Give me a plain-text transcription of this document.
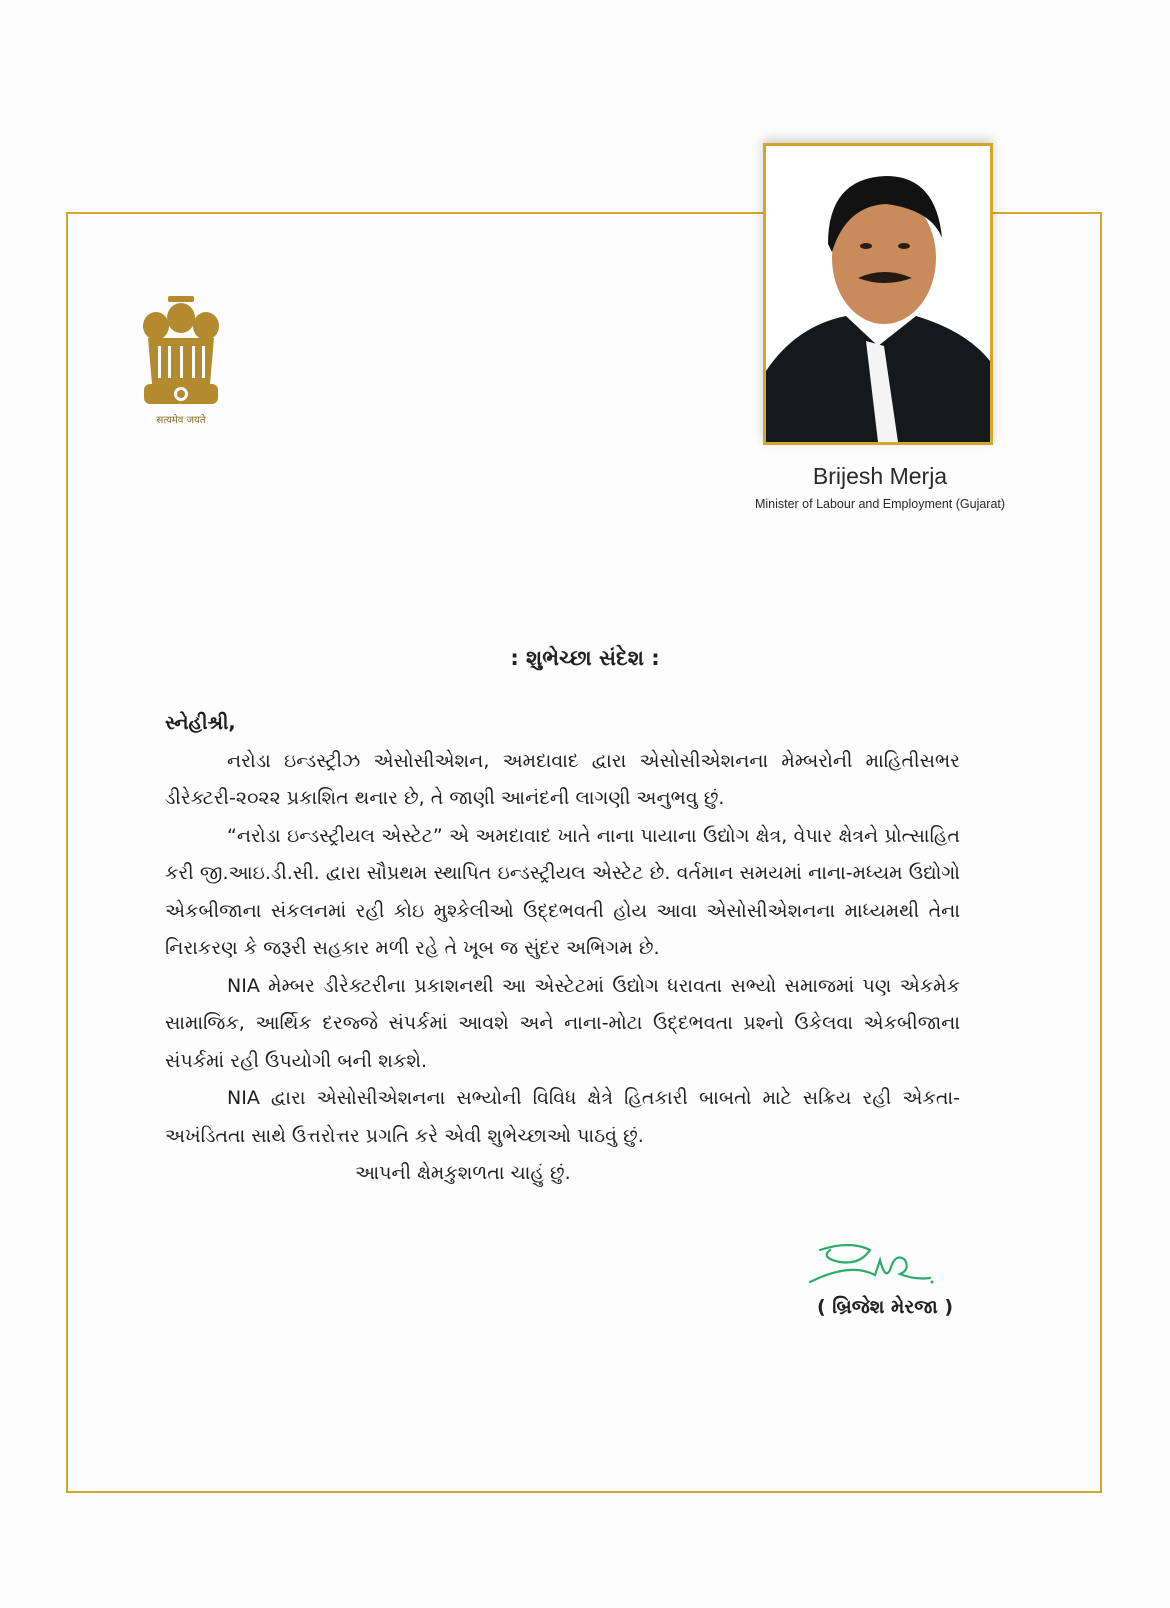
सत्यमेव जयते
Brijesh Merja
Minister of Labour and Employment (Gujarat)
: શુભેચ્છા સંદેશ :
સ્નેહીશ્રી,

નરોડા ઇન્ડસ્ટ્રીઝ એસોસીએશન, અમદાવાદ દ્વારા એસોસીએશનના મેમ્બરોની માહિતીસભર ડીરેક્ટરી-૨૦૨૨ પ્રકાશિત થનાર છે, તે જાણી આનંદની લાગણી અનુભવુ છું.

“નરોડા ઇન્ડસ્ટ્રીયલ એસ્ટેટ” એ અમદાવાદ ખાતે નાના પાયાના ઉદ્યોગ ક્ષેત્ર, વેપાર ક્ષેત્રને પ્રોત્સાહિત કરી જી.આઇ.ડી.સી. દ્વારા સૌપ્રથમ સ્થાપિત ઇન્ડસ્ટ્રીયલ એસ્ટેટ છે. વર્તમાન સમયમાં નાના-મધ્યમ ઉદ્યોગો એકબીજાના સંકલનમાં રહી કોઇ મુશ્કેલીઓ ઉદ્દભવતી હોય આવા એસોસીએશનના માધ્યમથી તેના નિરાકરણ કે જરૂરી સહકાર મળી રહે તે ખૂબ જ સુંદર અભિગમ છે.

NIA મેમ્બર ડીરેક્ટરીના પ્રકાશનથી આ એસ્ટેટમાં ઉદ્યોગ ધરાવતા સભ્યો સમાજમાં પણ એકમેક સામાજિક, આર્થિક દરજ્જે સંપર્કમાં આવશે અને નાના-મોટા ઉદ્દભવતા પ્રશ્નો ઉકેલવા એકબીજાના સંપર્કમાં રહી ઉપયોગી બની શકશે.

NIA દ્વારા એસોસીએશનના સભ્યોની વિવિધ ક્ષેત્રે હિતકારી બાબતો માટે સક્રિય રહી એકતા-અખંડિતતા સાથે ઉત્તરોત્તર પ્રગતિ કરે એવી શુભેચ્છાઓ પાઠવું છું.

આપની ક્ષેમકુશળતા ચાહું છું.
( બ્રિજેશ મેરજા )
